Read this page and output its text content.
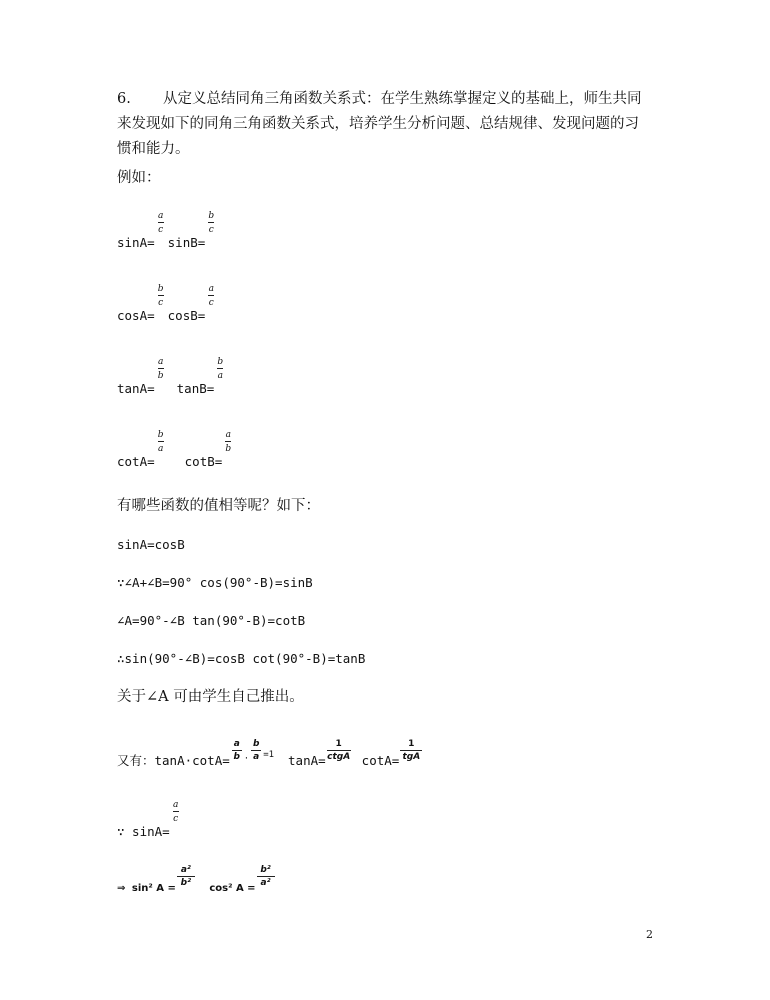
6. 从定义总结同角三角函数关系式：在学生熟练掌握定义的基础上，师生共同来发现如下的同角三角函数关系式，培养学生分析问题、总结规律、发现问题的习惯和能力。
例如：
$\sin A= \frac{a}{c} \sin B= \frac{b}{c}$
$\cos A= \frac{b}{c} \cos B= \frac{a}{c}$
$\tan A= \frac{a}{b} \tan B= \frac{b}{a}$
$\cot A= \frac{b}{a} \cot B= \frac{a}{b}$
有哪些函数的值相等呢？如下：
sinA=cosB
∵∠A+∠B=90° cos(90°-B)=sinB
∠A=90°-∠B tan(90°-B)=cotB
∴sin(90°-∠B)=cosB cot(90°-B)=tanB
关于∠A 可由学生自己推出。
又有：$\tan A\cdot\cot A= \frac{a}{b} ^\cdot \frac{b}{a} ^{=1}$ tanA=
1
ctgA cotA=
1
tgA
∵ $\sin A= \frac{a}{c}$
⇒ sin² $A = \frac{\text{a²}}{\text{b²}} \cos^2$ $A = \frac{\text{b²}}{\text{a²}}$
2
